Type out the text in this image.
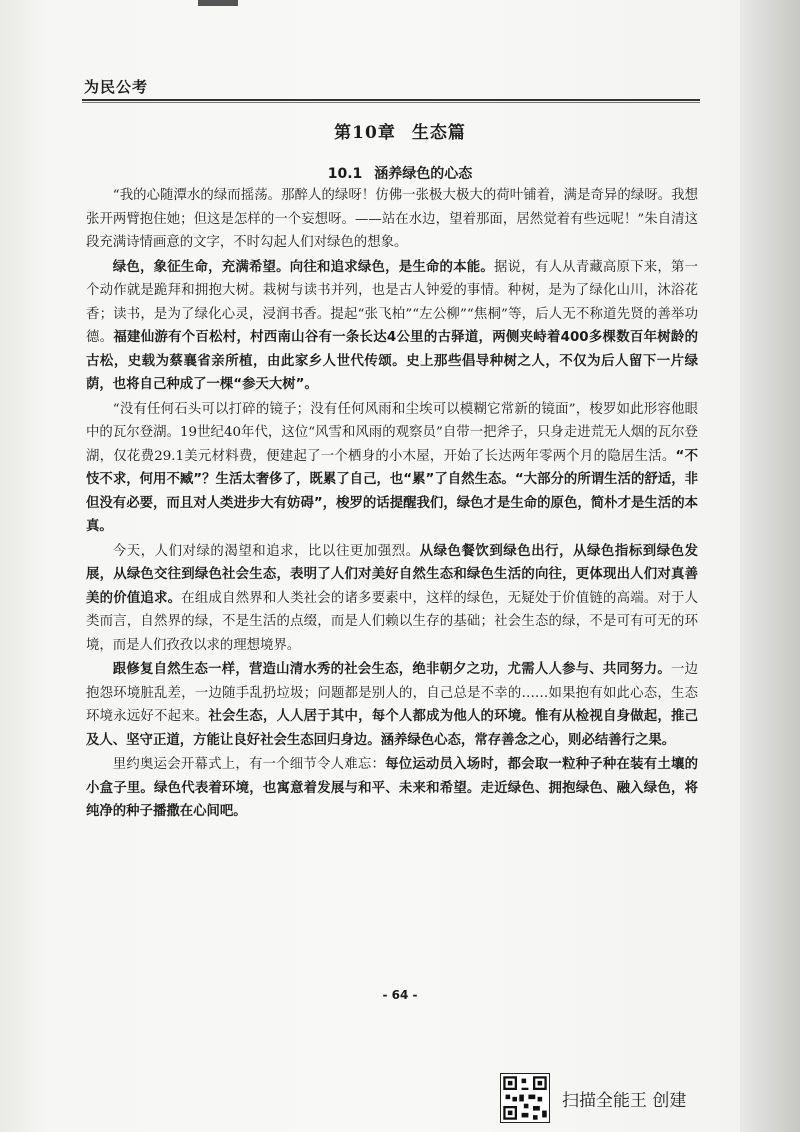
为民公考
第10章 生态篇
10.1 涵养绿色的心态

“我的心随潭水的绿而摇荡。那醉人的绿呀！仿佛一张极大极大的荷叶铺着，满是奇异的绿呀。我想张开两臂抱住她；但这是怎样的一个妄想呀。——站在水边，望着那面，居然觉着有些远呢！”朱自清这段充满诗情画意的文字，不时勾起人们对绿色的想象。

绿色，象征生命，充满希望。向往和追求绿色，是生命的本能。据说，有人从青藏高原下来，第一个动作就是跪拜和拥抱大树。栽树与读书并列，也是古人钟爱的事情。种树，是为了绿化山川，沐浴花香；读书，是为了绿化心灵，浸润书香。提起“张飞柏”“左公柳”“焦桐”等，后人无不称道先贤的善举功德。福建仙游有个百松村，村西南山谷有一条长达4公里的古驿道，两侧夹峙着400多棵数百年树龄的古松，史载为蔡襄省亲所植，由此家乡人世代传颂。史上那些倡导种树之人，不仅为后人留下一片绿荫，也将自己种成了一棵“参天大树”。

“没有任何石头可以打碎的镜子；没有任何风雨和尘埃可以模糊它常新的镜面”，梭罗如此形容他眼中的瓦尔登湖。19世纪40年代，这位“风雪和风雨的观察员”自带一把斧子，只身走进荒无人烟的瓦尔登湖，仅花费29.1美元材料费，便建起了一个栖身的小木屋，开始了长达两年零两个月的隐居生活。“不忮不求，何用不臧”？生活太奢侈了，既累了自己，也“累”了自然生态。“大部分的所谓生活的舒适，非但没有必要，而且对人类进步大有妨碍”，梭罗的话提醒我们，绿色才是生命的原色，简朴才是生活的本真。

今天，人们对绿的渴望和追求，比以往更加强烈。从绿色餐饮到绿色出行，从绿色指标到绿色发展，从绿色交往到绿色社会生态，表明了人们对美好自然生态和绿色生活的向往，更体现出人们对真善美的价值追求。在组成自然界和人类社会的诸多要素中，这样的绿色，无疑处于价值链的高端。对于人类而言，自然界的绿，不是生活的点缀，而是人们赖以生存的基础；社会生态的绿，不是可有可无的环境，而是人们孜孜以求的理想境界。

跟修复自然生态一样，营造山清水秀的社会生态，绝非朝夕之功，尤需人人参与、共同努力。一边抱怨环境脏乱差，一边随手乱扔垃圾；问题都是别人的，自己总是不幸的……如果抱有如此心态，生态环境永远好不起来。社会生态，人人居于其中，每个人都成为他人的环境。惟有从检视自身做起，推己及人、坚守正道，方能让良好社会生态回归身边。涵养绿色心态，常存善念之心，则必结善行之果。

里约奥运会开幕式上，有一个细节令人难忘：每位运动员入场时，都会取一粒种子种在装有土壤的小盒子里。绿色代表着环境，也寓意着发展与和平、未来和希望。走近绿色、拥抱绿色、融入绿色，将纯净的种子播撒在心间吧。

- 64 -
扫描全能王 创建
